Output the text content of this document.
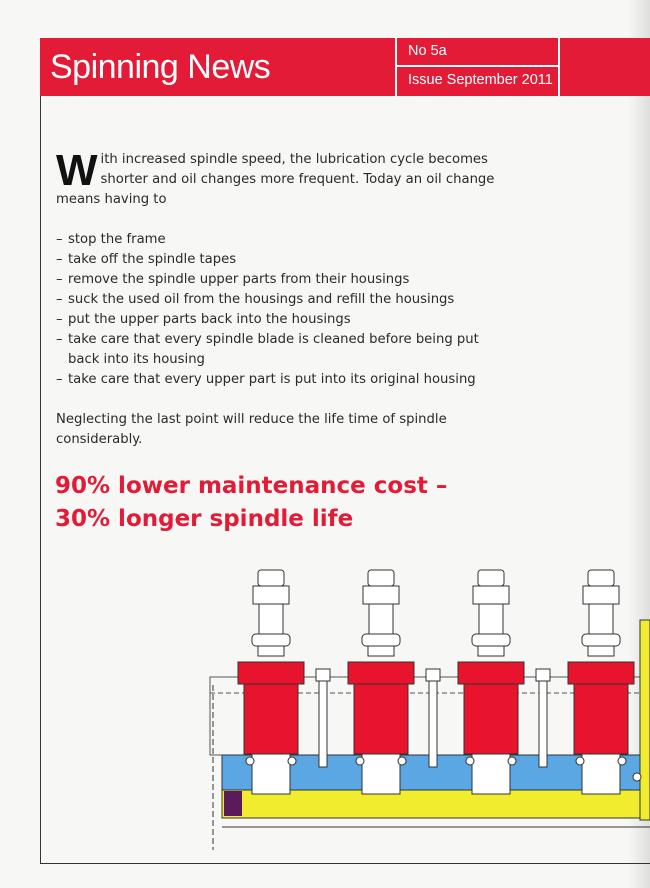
Spinning News	No 5a
Issue September 2011

With increased spindle speed, the lubrication cycle becomes shorter and oil changes more frequent. Today an oil change means having to

– stop the frame
– take off the spindle tapes
– remove the spindle upper parts from their housings
– suck the used oil from the housings and refill the housings
– put the upper parts back into the housings
– take care that every spindle blade is cleaned before being put back into its housing
– take care that every upper part is put into its original housing

Neglecting the last point will reduce the life time of spindle considerably.

90% lower maintenance cost –
30% longer spindle life
